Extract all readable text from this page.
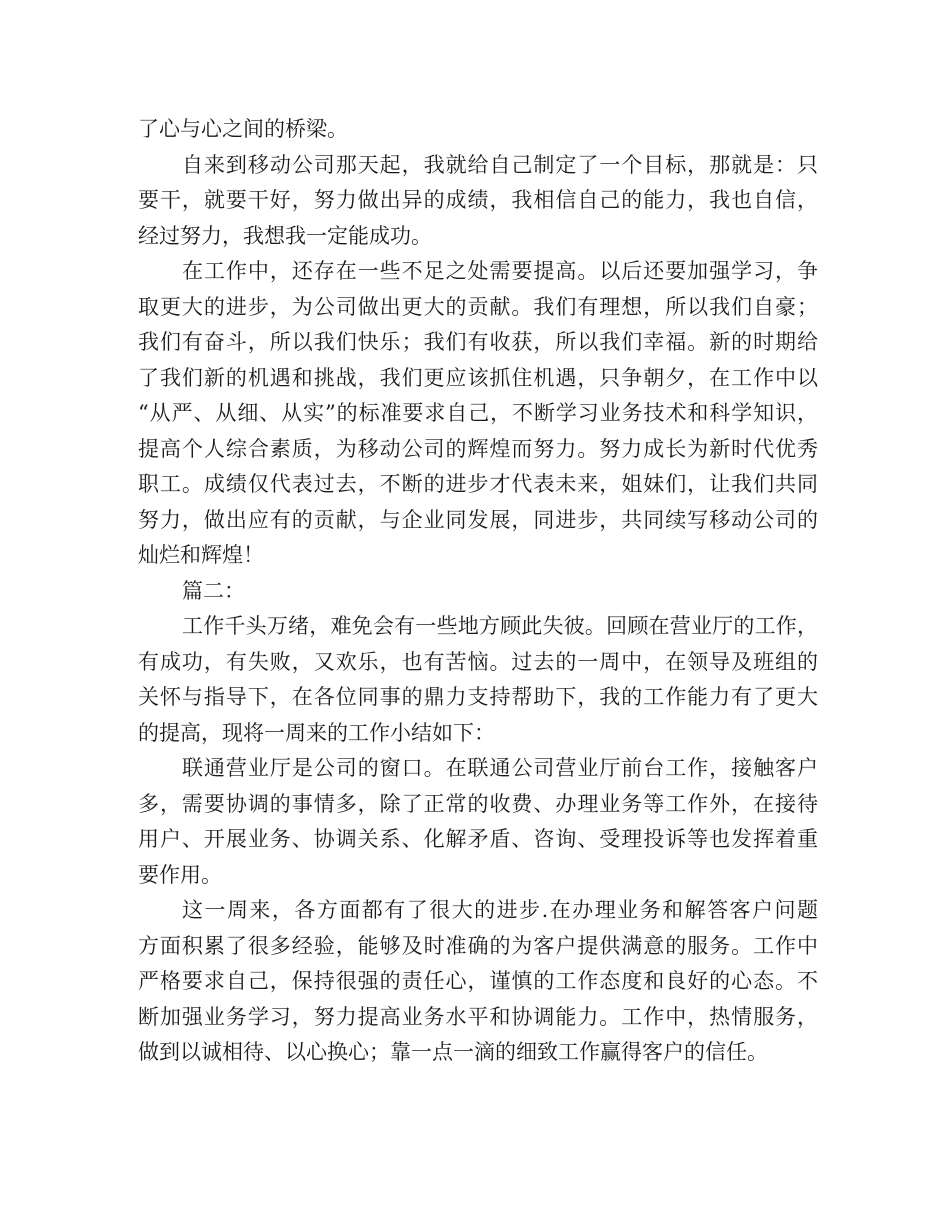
了心与心之间的桥梁。
自来到移动公司那天起，我就给自己制定了一个目标，那就是：只
要干，就要干好，努力做出异的成绩，我相信自己的能力，我也自信，
经过努力，我想我一定能成功。
在工作中，还存在一些不足之处需要提高。以后还要加强学习，争
取更大的进步，为公司做出更大的贡献。我们有理想，所以我们自豪；
我们有奋斗，所以我们快乐；我们有收获，所以我们幸福。新的时期给
了我们新的机遇和挑战，我们更应该抓住机遇，只争朝夕，在工作中以
“从严、从细、从实”的标准要求自己，不断学习业务技术和科学知识，
提高个人综合素质，为移动公司的辉煌而努力。努力成长为新时代优秀
职工。成绩仅代表过去，不断的进步才代表未来，姐妹们，让我们共同
努力，做出应有的贡献，与企业同发展，同进步，共同续写移动公司的
灿烂和辉煌！
篇二：
工作千头万绪，难免会有一些地方顾此失彼。回顾在营业厅的工作，
有成功，有失败，又欢乐，也有苦恼。过去的一周中，在领导及班组的
关怀与指导下，在各位同事的鼎力支持帮助下，我的工作能力有了更大
的提高，现将一周来的工作小结如下：
联通营业厅是公司的窗口。在联通公司营业厅前台工作，接触客户
多，需要协调的事情多，除了正常的收费、办理业务等工作外，在接待
用户、开展业务、协调关系、化解矛盾、咨询、受理投诉等也发挥着重
要作用。
这一周来，各方面都有了很大的进步.在办理业务和解答客户问题
方面积累了很多经验，能够及时准确的为客户提供满意的服务。工作中
严格要求自己，保持很强的责任心，谨慎的工作态度和良好的心态。不
断加强业务学习，努力提高业务水平和协调能力。工作中，热情服务，
做到以诚相待、以心换心；靠一点一滴的细致工作赢得客户的信任。
